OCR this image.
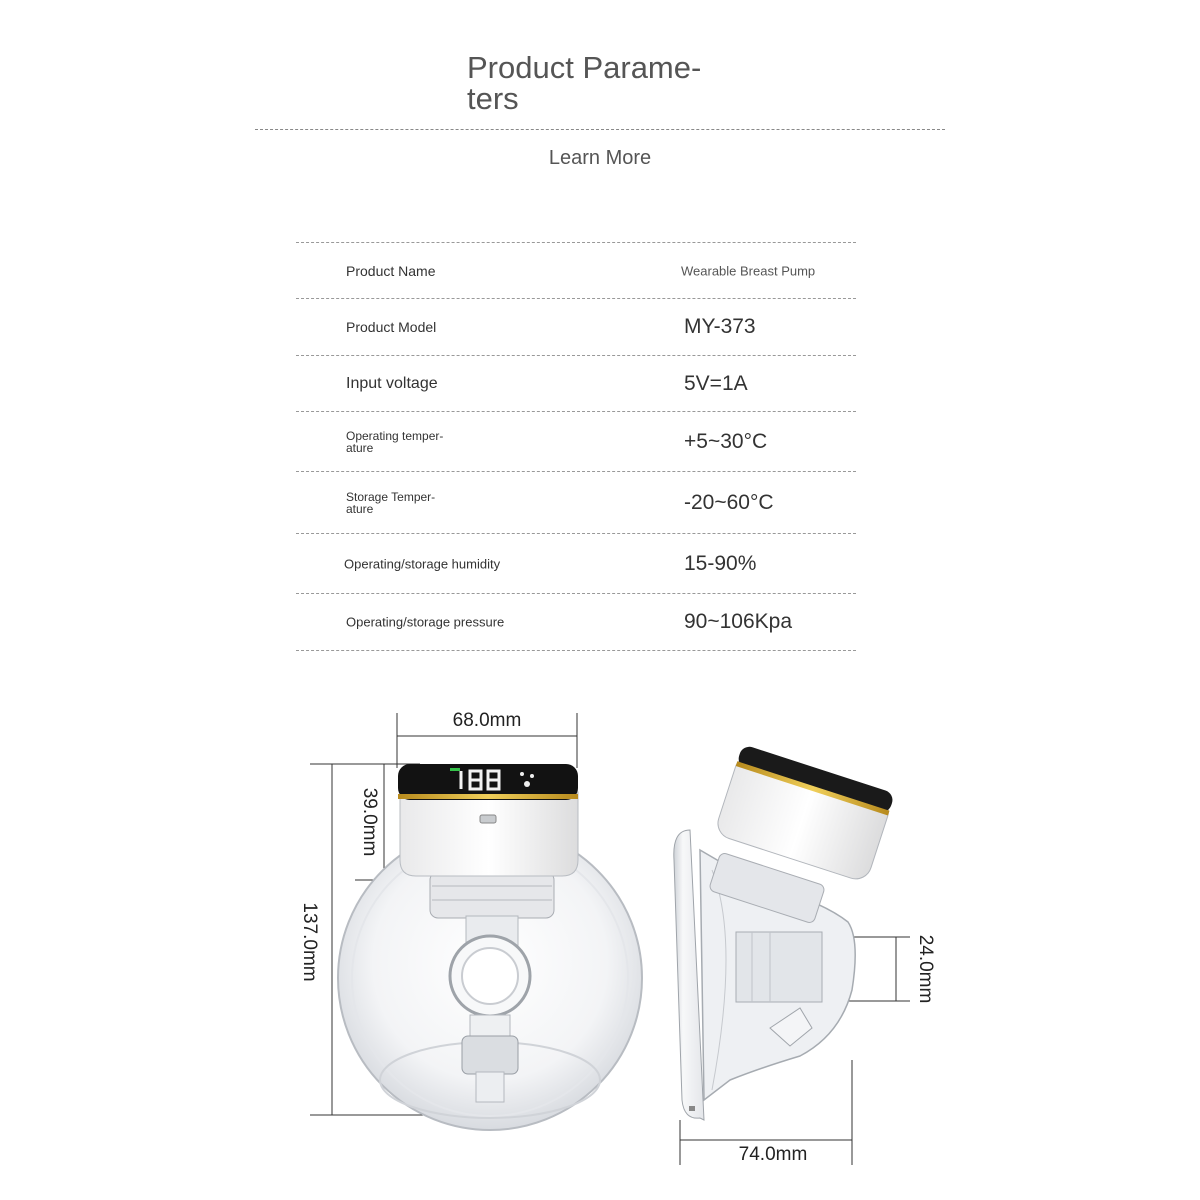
Product Parame-
ters
Learn More
Product Name	Wearable Breast Pump
Product Model	MY-373
Input voltage	5V=1A
Operating temper-
ature	+5~30°C
Storage Temper-
ature	-20~60°C
Operating/storage humidity	15-90%
Operating/storage pressure	90~106Kpa
68.0mm
39.0mm
137.0mm	24.0mm
74.0mm
